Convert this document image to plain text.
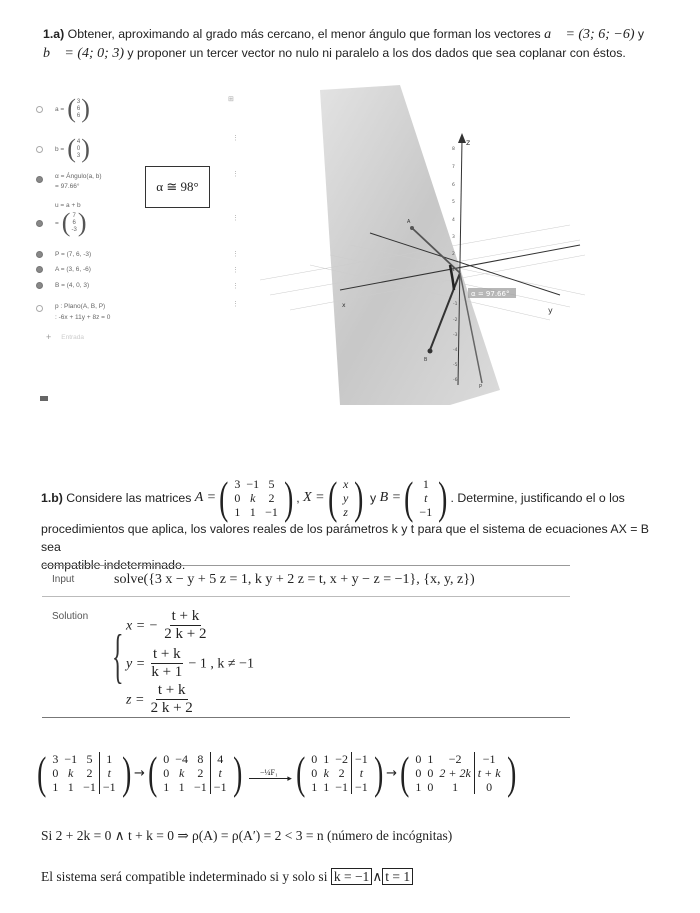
1.a) Obtener, aproximando al grado más cercano, el menor ángulo que forman los vectores a⃗ = (3; 6; −6) y
b⃗ = (4; 0; 3) y proponer un tercer vector no nulo ni paralelo a los dos dados que sea coplanar con éstos.
a = ( 3
6
6 )
b = ( 4
0
3 )
α = Ángulo(a, b)
= 97.66°
u = a + b
= ( 7
6
-3 )
P = (7, 6, -3)
A = (3, 6, -6)
B = (4, 0, 3)
p : Plano(A, B, P)
: -6x + 11y + 8z = 0
+ Entrada
⋮
⋮
⋮
⋮
⋮
⋮
⋮
α ≅ 98°
⊞
z
y
x
8
7
6
5
4
3
2
1
-1
-2
-3
-4
-5
-6
A
B
P
α = 97.66°
1.b)
Considere las matrices
A = ( 3	−1	5
0	k	2
1	1	−1 ) , X = ( x
y
z )
y
B = ( 1
t
−1 ) . Determine, justificando el o los
procedimientos que aplica, los valores reales de los parámetros k y t para que el sistema de ecuaciones AX = B sea
compatible indeterminado.
Input	solve({3 x − y + 5 z = 1, k y + 2 z = t, x + y − z = −1}, {x, y, z})
Solution
{ x = − $\frac{t + k}{2 k + 2}$
$y = \frac{t + k}{k + 1} - 1$ , k ≠ −1
$z = \frac{t + k}{2 k + 2}$
( 3	−1	5	1
0	k	2	t
1	1	−1	−1 ) → ( 0	−4	8	4
0	k	2	t
1	1	−1	−1 ) −¼F₁
▸ ( 0	1	−2	−1
0	k	2	t
1	1	−1	−1 ) → ( 0	1	−2	−1
0	0	2 + 2k	t + k
1	0	1	0 )
Si 2 + 2k = 0 ∧ t + k = 0 ⇒ ρ(A) = ρ(A′) = 2 < 3 = n (número de incógnitas)
El sistema será compatible indeterminado si y solo si k = −1 ∧ t = 1
